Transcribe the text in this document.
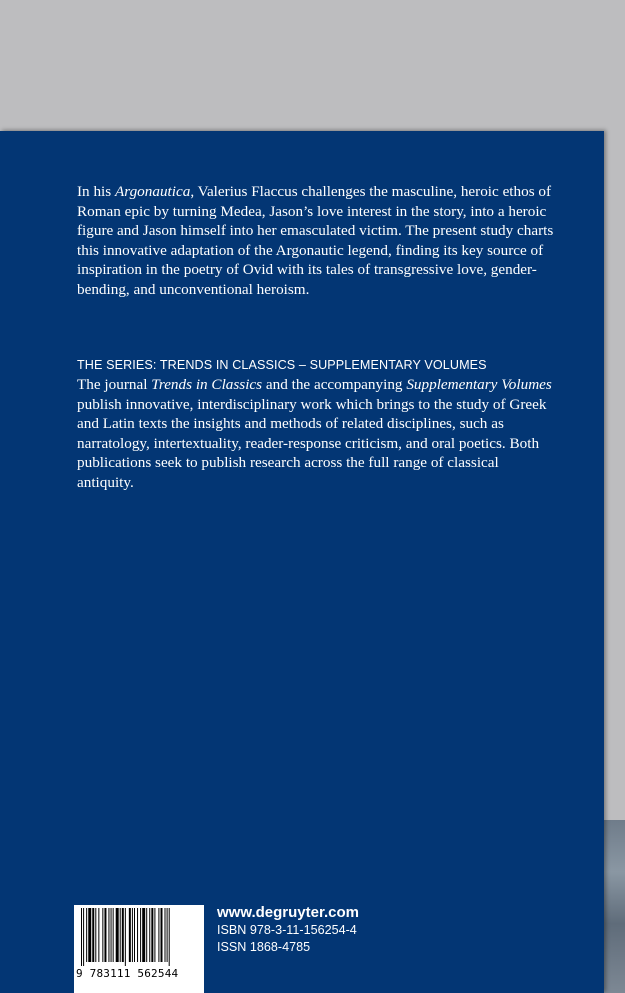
In his Argonautica, Valerius Flaccus challenges the masculine, heroic ethos of Roman epic by turning Medea, Jason’s love interest in the story, into a heroic figure and Jason himself into her emasculated victim. The present study charts this innovative adaptation of the Argonautic legend, finding its key source of inspiration in the poetry of Ovid with its tales of transgressive love, gender-bending, and unconventional heroism.

THE SERIES: TRENDS IN CLASSICS – SUPPLEMENTARY VOLUMES

The journal Trends in Classics and the accompanying Supplementary Volumes publish innovative, interdisciplinary work which brings to the study of Greek and Latin texts the insights and methods of related disciplines, such as narratology, intertextuality, reader-response criticism, and oral poetics. Both publications seek to publish research across the full range of classical antiquity.

9 783111 562544
www.degruyter.com
ISBN 978-3-11-156254-4
ISSN 1868-4785
